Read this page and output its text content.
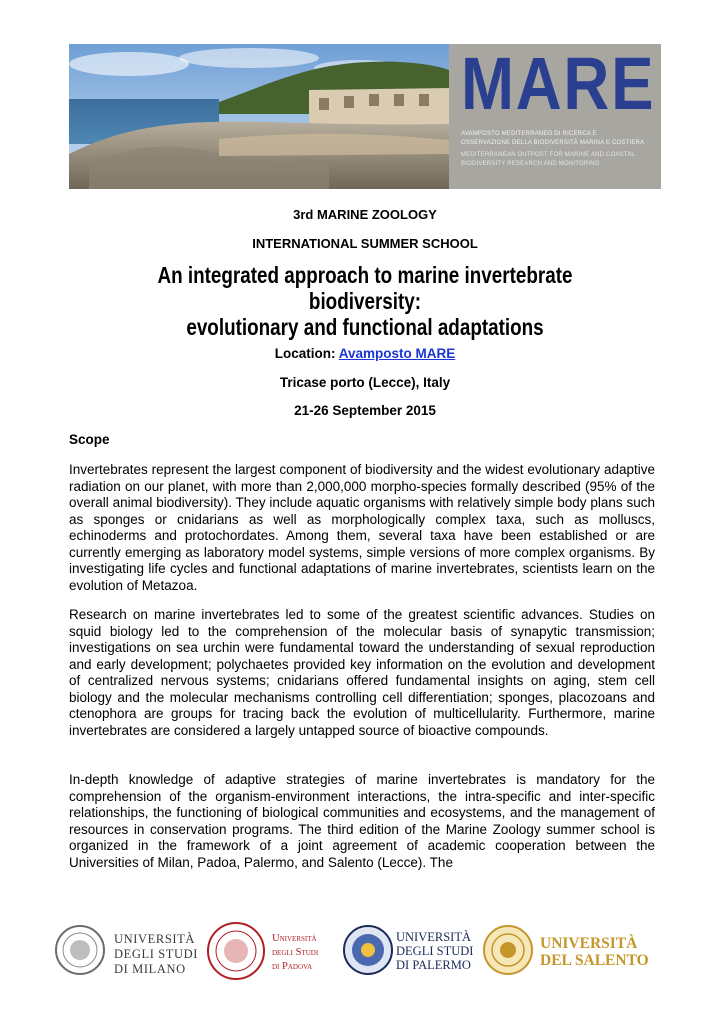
MARE
AVAMPOSTO MEDITERRANEO DI RICERCA E
OSSERVAZIONE DELLA BIODIVERSITÀ MARINA E COSTIERA
MEDITERRANEAN OUTPOST FOR MARINE AND COASTAL
BIODIVERSITY RESEARCH AND MONITORING
3rd MARINE ZOOLOGY
INTERNATIONAL SUMMER SCHOOL
An integrated approach to marine invertebrate biodiversity:
evolutionary and functional adaptations
Location: Avamposto MARE
Tricase porto (Lecce), Italy
21-26 September 2015
Scope

Invertebrates represent the largest component of biodiversity and the widest evolutionary adaptive radiation on our planet, with more than 2,000,000 morpho-species formally described (95% of the overall animal biodiversity). They include aquatic organisms with relatively simple body plans such as sponges or cnidarians as well as morphologically complex taxa, such as molluscs, echinoderms and protochordates. Among them, several taxa have been established or are currently emerging as laboratory model systems, simple versions of more complex organisms. By investigating life cycles and functional adaptations of marine invertebrates, scientists learn on the evolution of Metazoa.

Research on marine invertebrates led to some of the greatest scientific advances. Studies on squid biology led to the comprehension of the molecular basis of synapytic transmission; investigations on sea urchin were fundamental toward the understanding of sexual reproduction and early development; polychaetes provided key information on the evolution and development of centralized nervous systems; cnidarians offered fundamental insights on aging, stem cell biology and the molecular mechanisms controlling cell differentiation; sponges, placozoans and ctenophora are groups for tracing back the evolution of multicellularity. Furthermore, marine invertebrates are considered a largely untapped source of bioactive compounds.

In-depth knowledge of adaptive strategies of marine invertebrates is mandatory for the comprehension of the organism-environment interactions, the intra-specific and inter-specific relationships, the functioning of biological communities and ecosystems, and the management of resources in conservation programs. The third edition of the Marine Zoology summer school is organized in the framework of a joint agreement of academic cooperation between the Universities of Milan, Padoa, Palermo, and Salento (Lecce). The

UNIVERSITÀ
DEGLI STUDI
DI MILANO
Università
degli Studi
di Padova
UNIVERSITÀ
DEGLI STUDI
DI PALERMO
UNIVERSITÀ
DEL SALENTO
